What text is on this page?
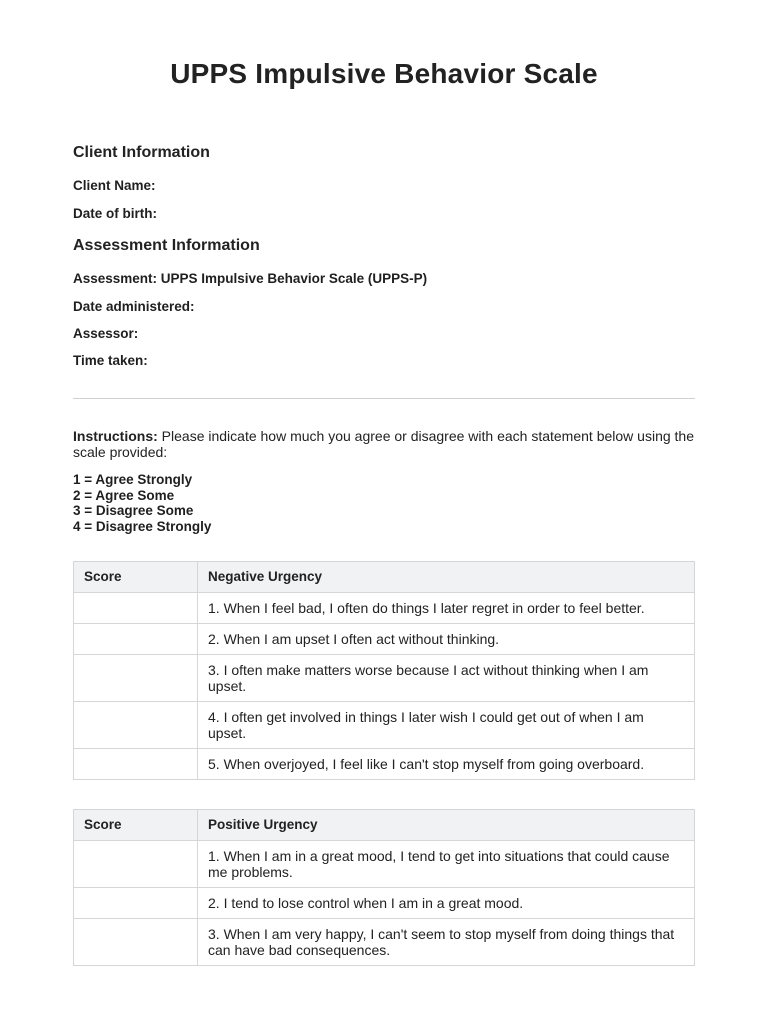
UPPS Impulsive Behavior Scale
Client Information
Client Name:
Date of birth:
Assessment Information
Assessment: UPPS Impulsive Behavior Scale (UPPS-P)
Date administered:
Assessor:
Time taken:
Instructions: Please indicate how much you agree or disagree with each statement below using the scale provided:
1 = Agree Strongly
2 = Agree Some
3 = Disagree Some
4 = Disagree Strongly
Score	Negative Urgency
	1. When I feel bad, I often do things I later regret in order to feel better.
	2. When I am upset I often act without thinking.
	3. I often make matters worse because I act without thinking when I am upset.
	4. I often get involved in things I later wish I could get out of when I am upset.
	5. When overjoyed, I feel like I can't stop myself from going overboard.
Score	Positive Urgency
	1. When I am in a great mood, I tend to get into situations that could cause me problems.
	2. I tend to lose control when I am in a great mood.
	3. When I am very happy, I can't seem to stop myself from doing things that can have bad consequences.
